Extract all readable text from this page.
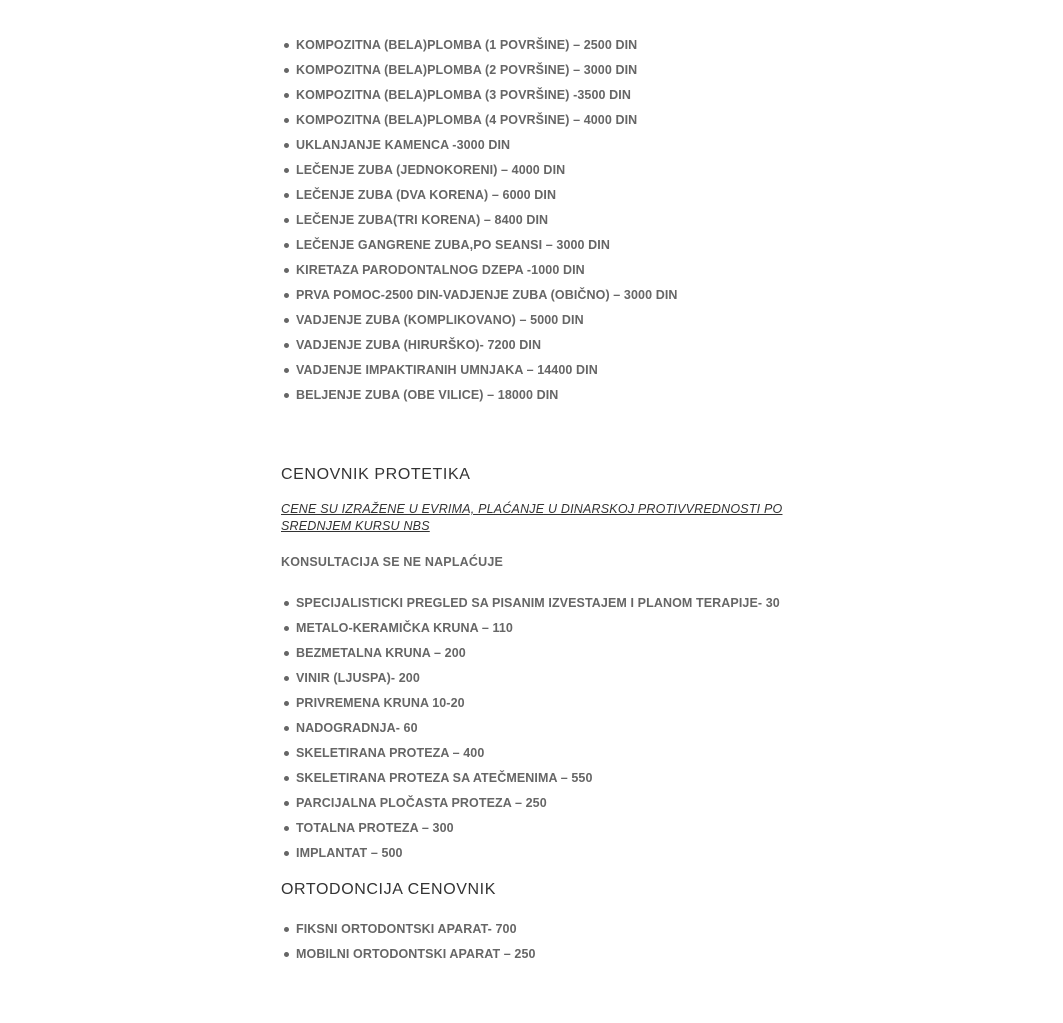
KOMPOZITNA (BELA)PLOMBA (1 POVRŠINE) – 2500 DIN
KOMPOZITNA (BELA)PLOMBA (2 POVRŠINE) – 3000 DIN
KOMPOZITNA (BELA)PLOMBA (3 POVRŠINE) -3500 DIN
KOMPOZITNA (BELA)PLOMBA (4 POVRŠINE) – 4000 DIN
UKLANJANJE KAMENCA -3000 DIN
LEČENJE ZUBA (JEDNOKORENI) – 4000 DIN
LEČENJE ZUBA (DVA KORENA) – 6000 DIN
LEČENJE ZUBA(TRI KORENA) – 8400 DIN
LEČENJE GANGRENE ZUBA,PO SEANSI – 3000 DIN
KIRETAZA PARODONTALNOG DZEPA -1000 DIN
PRVA POMOC-2500 DIN-VADJENJE ZUBA (OBIČNO) – 3000 DIN
VADJENJE ZUBA (KOMPLIKOVANO) – 5000 DIN
VADJENJE ZUBA (HIRURŠKO)- 7200 DIN
VADJENJE IMPAKTIRANIH UMNJAKA – 14400 DIN
BELJENJE ZUBA (OBE VILICE) – 18000 DIN
CENOVNIK PROTETIKA
CENE SU IZRAŽENE U EVRIMA, PLAĆANJE U DINARSKOJ PROTIVVREDNOSTI PO SREDNJEM KURSU NBS

KONSULTACIJA SE NE NAPLAĆUJE

SPECIJALISTICKI PREGLED SA PISANIM IZVESTAJEM I PLANOM TERAPIJE- 30
METALO-KERAMIČKA KRUNA – 110
BEZMETALNA KRUNA – 200
VINIR (LJUSPA)- 200
PRIVREMENA KRUNA 10-20
NADOGRADNJA- 60
SKELETIRANA PROTEZA – 400
SKELETIRANA PROTEZA SA ATEČMENIMA – 550
PARCIJALNA PLOČASTA PROTEZA – 250
TOTALNA PROTEZA – 300
IMPLANTAT – 500
ORTODONCIJA CENOVNIK
FIKSNI ORTODONTSKI APARAT- 700
MOBILNI ORTODONTSKI APARAT – 250
